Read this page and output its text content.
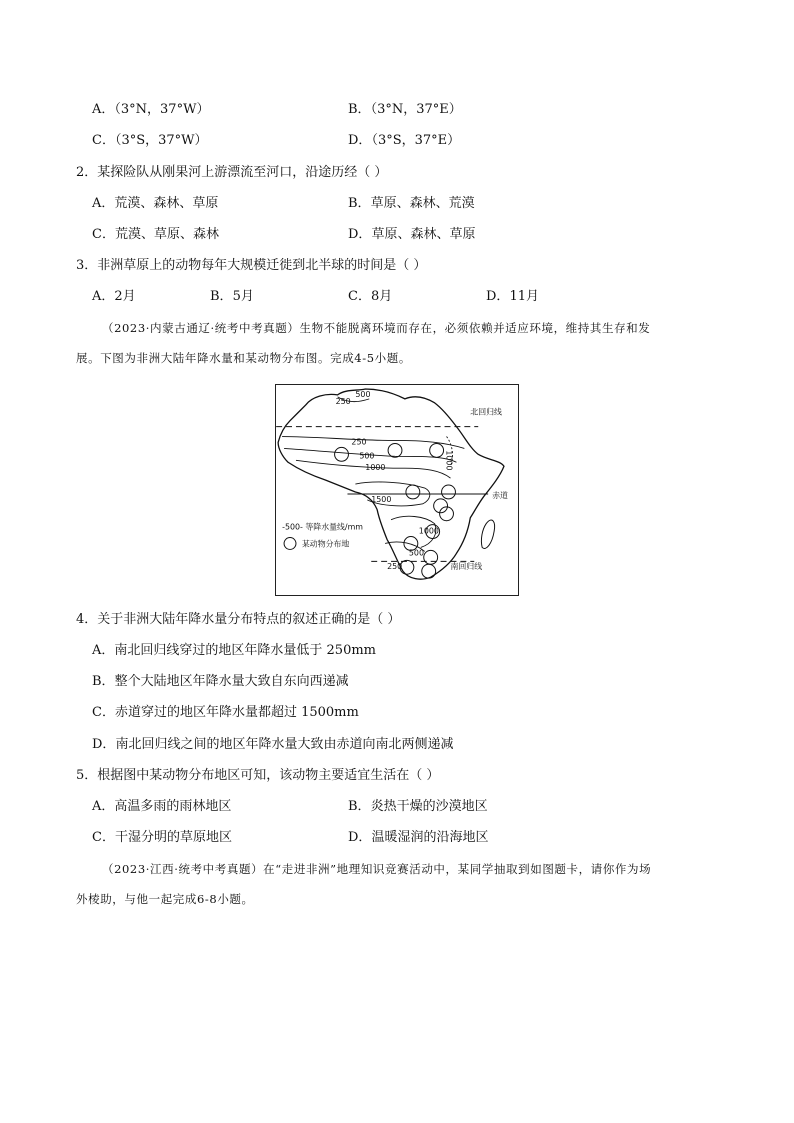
A．（3°N，37°W）	B．（3°N，37°E）
C．（3°S，37°W）	D．（3°S，37°E）
2．某探险队从刚果河上游漂流至河口，沿途历经（ ）
A．荒漠、森林、草原	B．草原、森林、荒漠
C．荒漠、草原、森林	D．草原、森林、草原
3．非洲草原上的动物每年大规模迁徙到北半球的时间是（ ）
A．2月	B．5月	C．8月	D．11月
（2023·内蒙古通辽·统考中考真题）生物不能脱离环境而存在，必须依赖并适应环境，维持其生存和发
展。下图为非洲大陆年降水量和某动物分布图。完成4-5小题。
500
250
250
500
1000	1000
1500
1000
500
250
北回归线
赤道
南回归线
-500- 等降水量线/mm
某动物分布地
4．关于非洲大陆年降水量分布特点的叙述正确的是（ ）
A．南北回归线穿过的地区年降水量低于 250mm
B．整个大陆地区年降水量大致自东向西递减
C．赤道穿过的地区年降水量都超过 1500mm
D．南北回归线之间的地区年降水量大致由赤道向南北两侧递减
5．根据图中某动物分布地区可知，该动物主要适宜生活在（ ）
A．高温多雨的雨林地区	B．炎热干燥的沙漠地区
C．干湿分明的草原地区	D．温暖湿润的沿海地区
（2023·江西·统考中考真题）在“走进非洲”地理知识竞赛活动中，某同学抽取到如图题卡，请你作为场
外棱助，与他一起完成6-8小题。
